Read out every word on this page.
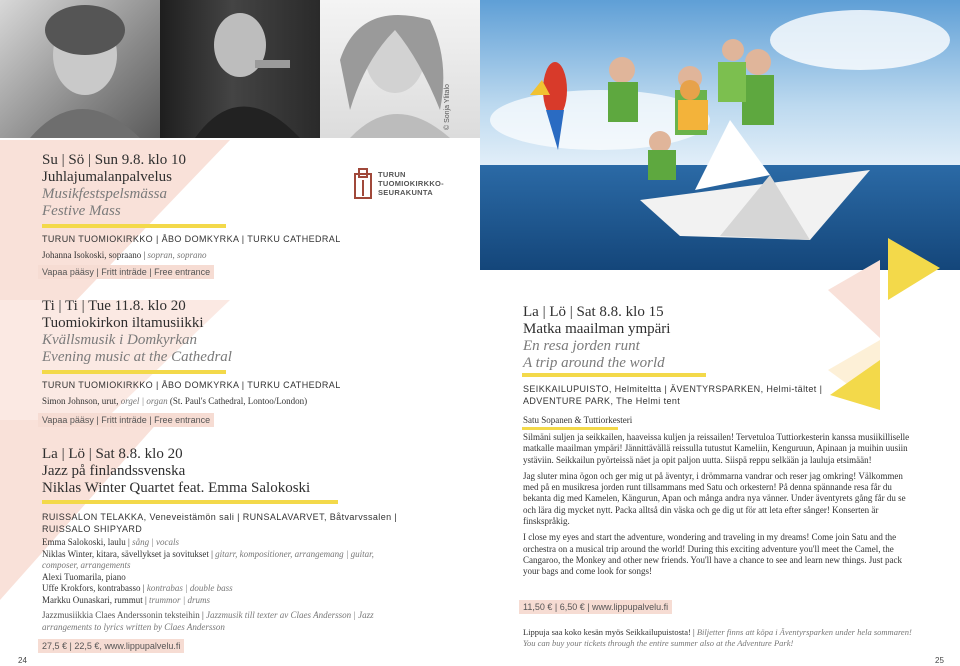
© Sonja Ylitalo
TURUN
TUOMIOKIRKKO-
SEURAKUNTA
Su | Sö | Sun 9.8. klo 10
Juhlajumalanpalvelus
Musikfestspelsmässa
Festive Mass
TURUN TUOMIOKIRKKO | ÅBO DOMKYRKA | TURKU CATHEDRAL
Johanna Isokoski, sopraano | sopran, soprano
Vapaa pääsy | Fritt inträde | Free entrance
Ti | Ti | Tue 11.8. klo 20
Tuomiokirkon iltamusiikki
Kvällsmusik i Domkyrkan
Evening music at the Cathedral
TURUN TUOMIOKIRKKO | ÅBO DOMKYRKA | TURKU CATHEDRAL
Simon Johnson, urut, orgel | organ (St. Paul's Cathedral, Lontoo/London)
Vapaa pääsy | Fritt inträde | Free entrance
La | Lö | Sat 8.8. klo 20
Jazz på finlandssvenska
Niklas Winter Quartet feat. Emma Salokoski
RUISSALON TELAKKA, Veneveistämön sali | RUNSALAVARVET, Båtvarvssalen |
RUISSALO SHIPYARD
Emma Salokoski, laulu | sång | vocals
Niklas Winter, kitara, sävellykset ja sovitukset | gitarr, kompositioner, arrangemang | guitar,
composer, arrangements
Alexi Tuomarila, piano
Uffe Krokfors, kontrabasso | kontrabas | double bass
Markku Ounaskari, rummut | trummor | drums
Jazzmusiikkia Claes Anderssonin teksteihin | Jazzmusik till texter av Claes Andersson | Jazz
arrangements to lyrics written by Claes Andersson
27,5 € | 22,5 €, www.lippupalvelu.fi
La | Lö | Sat 8.8. klo 15
Matka maailman ympäri
En resa jorden runt
A trip around the world
SEIKKAILUPUISTO, Helmiteltta | ÄVENTYRSPARKEN, Helmi-tältet |
ADVENTURE PARK, The Helmi tent
Satu Sopanen & Tuttiorkesteri
Silmäni suljen ja seikkailen, haaveissa kuljen ja reissailen! Tervetuloa Tuttiorkesterin kanssa musiikilliselle matkalle maailman ympäri! Jännittävällä reissulla tutustut Kameliin, Kenguruun, Apinaan ja muihin uusiin ystäviin. Seikkailun pyörteissä näet ja opit paljon uutta. Siispä reppu selkään ja lauluja etsimään!
Jag sluter mina ögon och ger mig ut på äventyr, i drömmarna vandrar och reser jag omkring! Välkommen med på en musikresa jorden runt tillsammans med Satu och orkestern! På denna spännande resa får du bekanta dig med Kamelen, Kängurun, Apan och många andra nya vänner. Under äventyrets gång får du se och lära dig mycket nytt. Packa alltså din väska och ge dig ut för att leta efter sånger! Konserten är finskspråkig.
I close my eyes and start the adventure, wondering and traveling in my dreams! Come join Satu and the orchestra on a musical trip around the world! During this exciting adventure you'll meet the Camel, the Cangaroo, the Monkey and other new friends. You'll have a chance to see and learn new things. Just pack your bags and come look for songs!
11,50 € | 6,50 € | www.lippupalvelu.fi
Lippuja saa koko kesän myös Seikkailupuistosta! | Biljetter finns att köpa i Äventyrsparken under hela sommaren! You can buy your tickets through the entire summer also at the Adventure Park!
24	25
